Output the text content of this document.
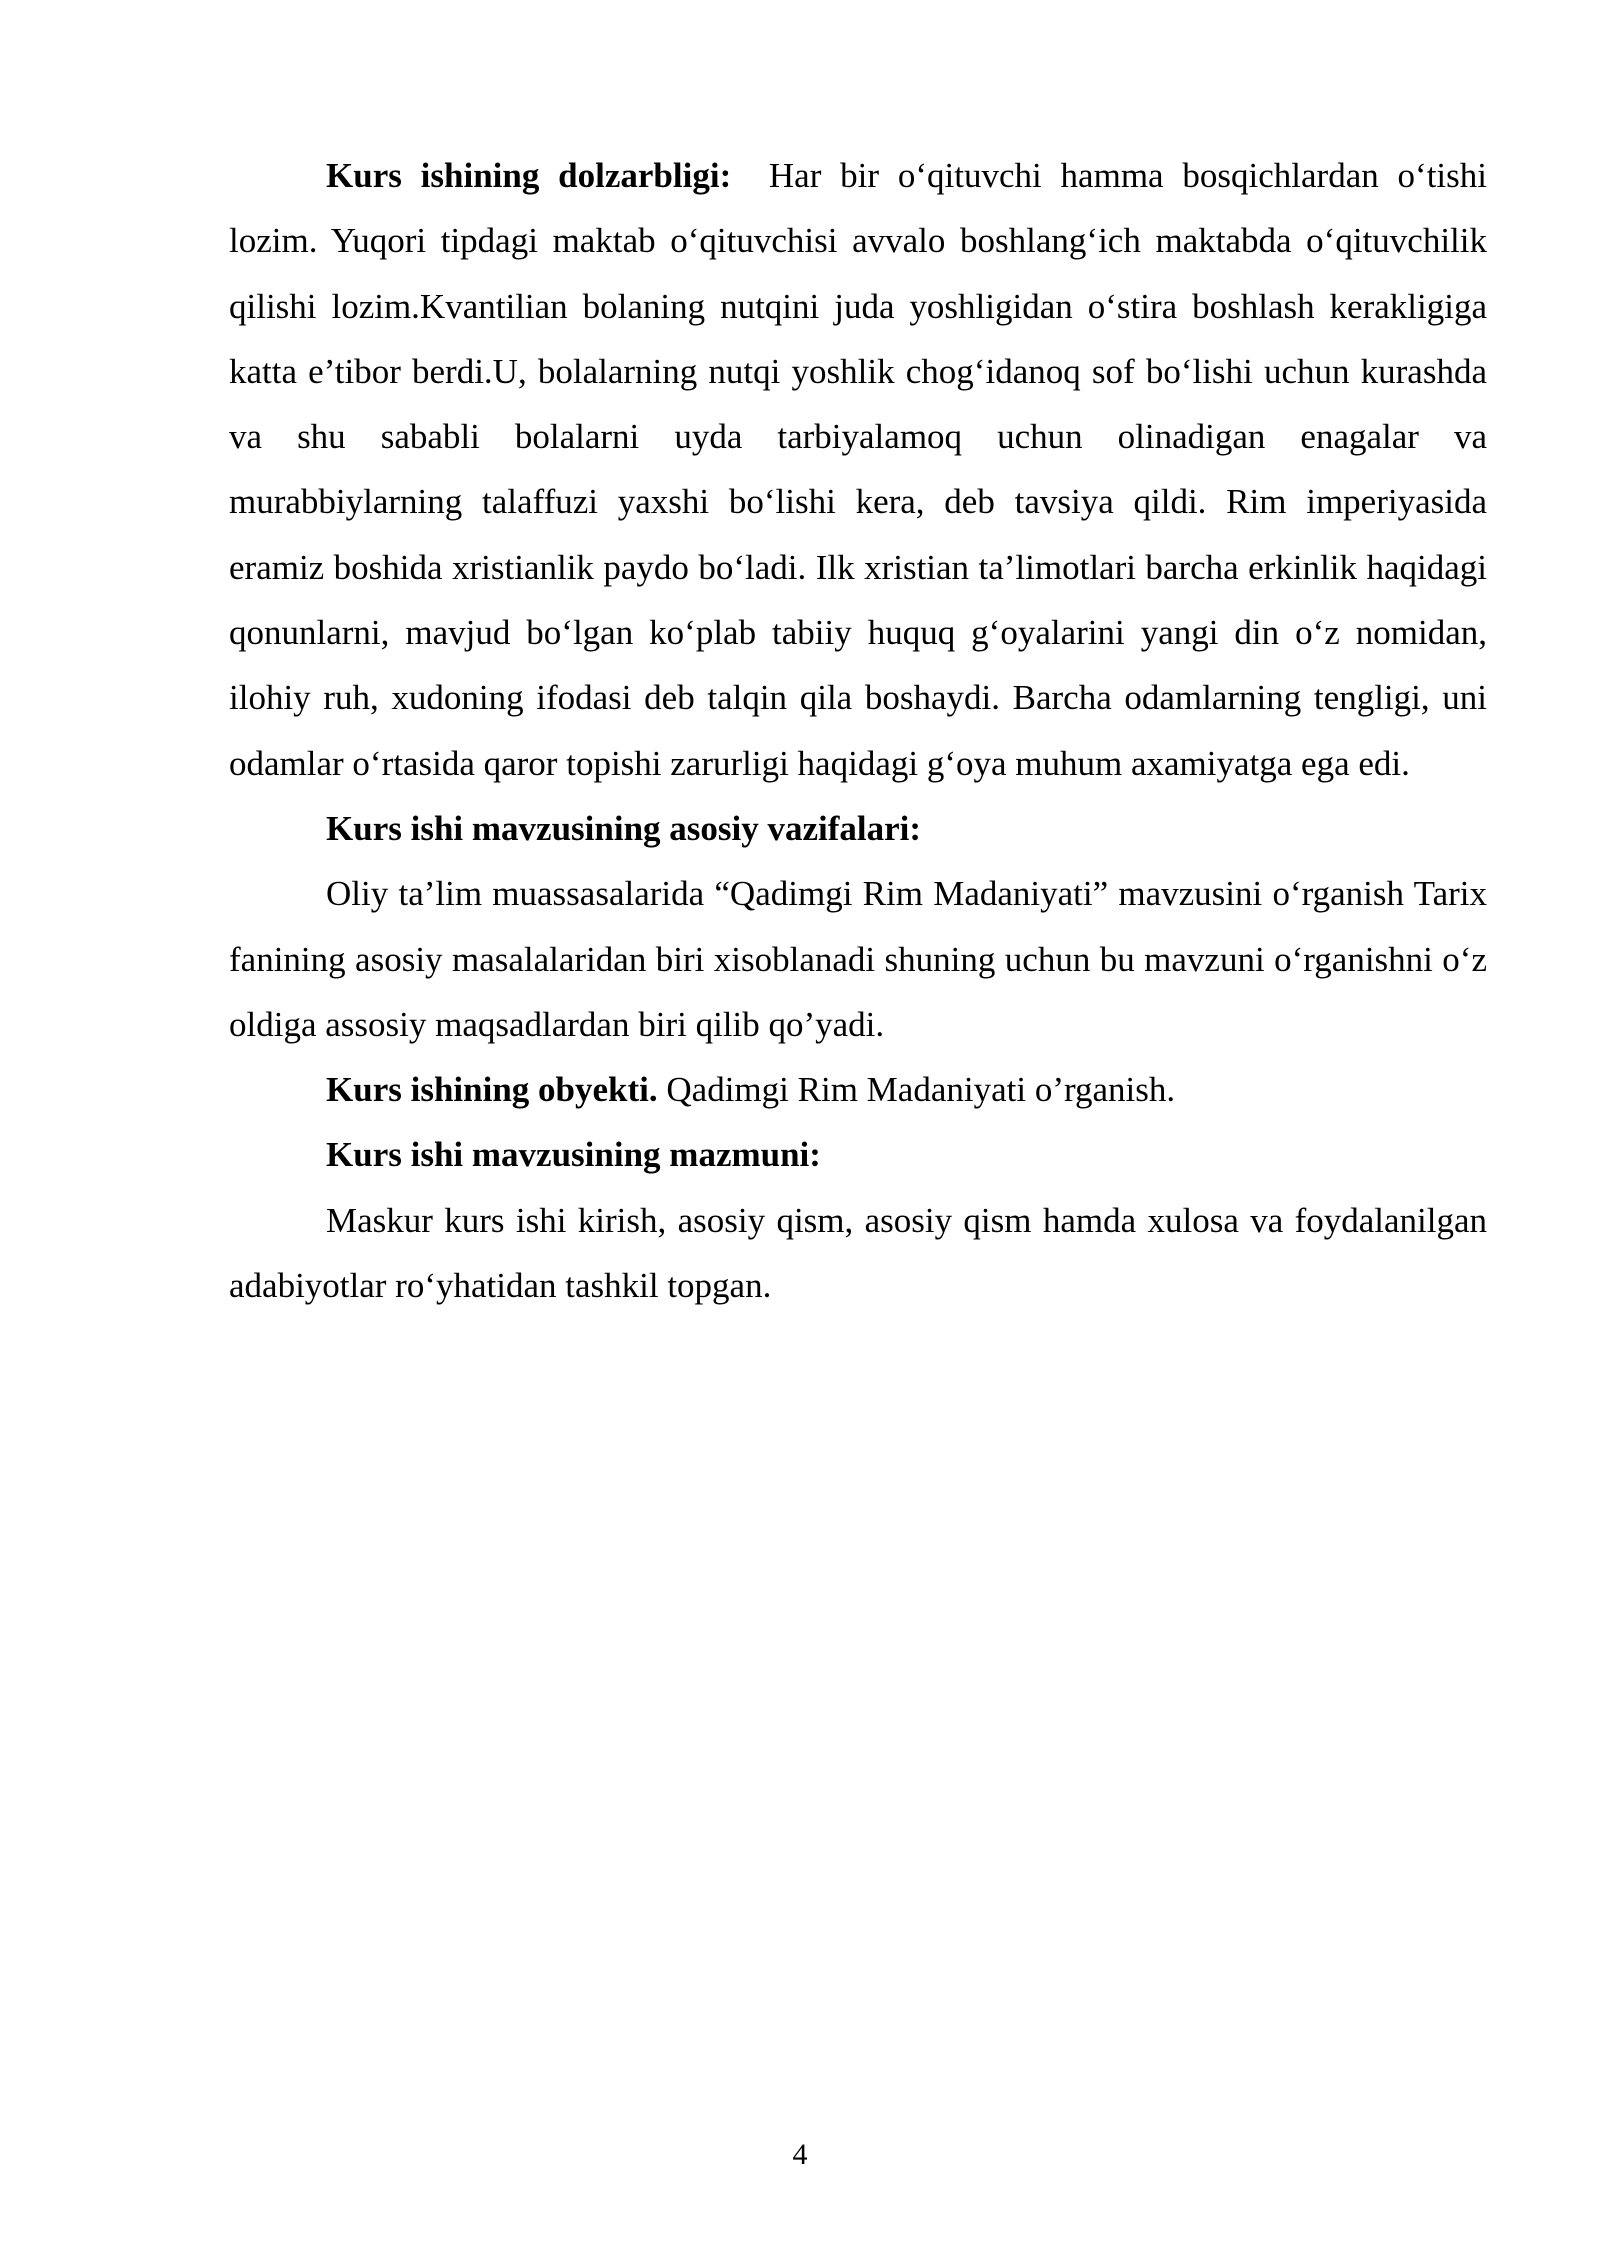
Kurs ishining dolzarbligi: Har bir o‘qituvchi hamma bosqichlardan o‘tishi lozim. Yuqori tipdagi maktab o‘qituvchisi avvalo boshlang‘ich maktabda o‘qituvchilik qilishi lozim.Kvantilian bolaning nutqini juda yoshligidan o‘stira boshlash kerakligiga katta e’tibor berdi.U, bolalarning nutqi yoshlik chog‘idanoq sof bo‘lishi uchun kurashda va shu sababli bolalarni uyda tarbiyalamoq uchun olinadigan enagalar va murabbiylarning talaffuzi yaxshi bo‘lishi kera, deb tavsiya qildi. Rim imperiyasida eramiz boshida xristianlik paydo bo‘ladi. Ilk xristian ta’limotlari barcha erkinlik haqidagi qonunlarni, mavjud bo‘lgan ko‘plab tabiiy huquq g‘oyalarini yangi din o‘z nomidan, ilohiy ruh, xudoning ifodasi deb talqin qila boshaydi. Barcha odamlarning tengligi, uni odamlar o‘rtasida qaror topishi zarurligi haqidagi g‘oya muhum axamiyatga ega edi.

Kurs ishi mavzusining asosiy vazifalari:

Oliy ta’lim muassasalarida “Qadimgi Rim Madaniyati” mavzusini o‘rganish Tarix fanining asosiy masalalaridan biri xisoblanadi shuning uchun bu mavzuni o‘rganishni o‘z oldiga assosiy maqsadlardan biri qilib qo’yadi.

Kurs ishining obyekti. Qadimgi Rim Madaniyati o’rganish.

Kurs ishi mavzusining mazmuni:

Maskur kurs ishi kirish, asosiy qism, asosiy qism hamda xulosa va foydalanilgan adabiyotlar ro‘yhatidan tashkil topgan.

4
